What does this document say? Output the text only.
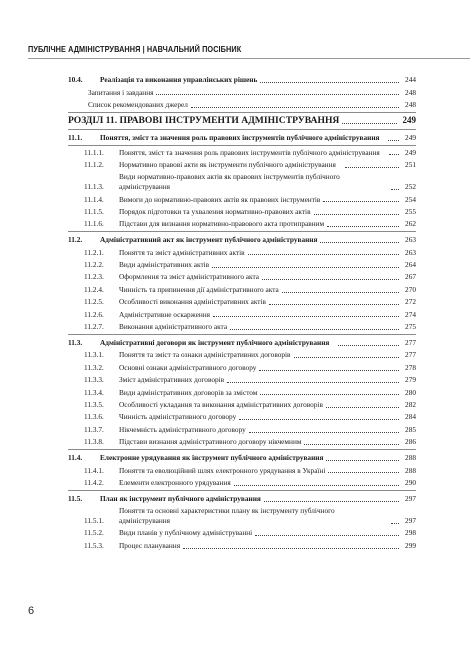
ПУБЛІЧНЕ АДМІНІСТРУВАННЯ | НАВЧАЛЬНИЙ ПОСІБНИК
10.4.	Реалізація та виконання управлінських рішень	244
Запитання і завдання	248
Список рекомендованих джерел	248
РОЗДІЛ 11. ПРАВОВІ ІНСТРУМЕНТИ АДМІНІСТРУВАННЯ	249
11.1.	Поняття, зміст та значення роль правових інструментів публічного адміністрування	249
11.1.1.	Поняття, зміст та значення роль правових інструментів публічного адміністрування	249
11.1.2.	Нормативно правові акти як інструменти публічного адміністрування	251
11.1.3.
Види нормативно-правових актів як правових інструментів публічного адміністрування	252
11.1.4.	Вимоги до нормативно-правових актів як правових інструментів	254
11.1.5.	Порядок підготовки та ухвалення нормативно-правових актів	255
11.1.6.	Підстави для визнання нормативно-правового акта протиправним	262
11.2.	Адміністративний акт як інструмент публічного адміністрування	263
11.2.1.	Поняття та зміст адміністративних актів	263
11.2.2.	Види адміністративних актів	264
11.2.3.	Оформлення та зміст адміністративного акта	267
11.2.4.	Чинність та припинення дії адміністративного акта	270
11.2.5.	Особливості виконання адміністративних актів	272
11.2.6.	Адміністративне оскарження	274
11.2.7.	Виконання адміністративного акта	275
11.3.	Адміністративні договори як інструмент публічного адміністрування	277
11.3.1.	Поняття та зміст та ознаки адміністративних договорів	277
11.3.2.	Основні ознаки адміністративного договору	278
11.3.3.	Зміст адміністративних договорів	279
11.3.4.	Види адміністративних договорів за змістом	280
11.3.5.	Особливості укладання та виконання адміністративних договорів	282
11.3.6.	Чинність адміністративного договору	284
11.3.7.	Нікчемність адміністративного договору	285
11.3.8.	Підстави визнання адміністративного договору нікчемним	286
11.4.	Електронне урядування як інструмент публічного адміністрування	288
11.4.1.	Поняття та еволюційний шлях електронного урядування в Україні	288
11.4.2.	Елементи електронного урядування	290
11.5.	План як інструмент публічного адміністрування	297
11.5.1.
Поняття та основні характеристики плану як інструменту публічного адміністрування	297
11.5.2.	Види планів у публічному адмініструванні	298
11.5.3.	Процес планування	299
6
